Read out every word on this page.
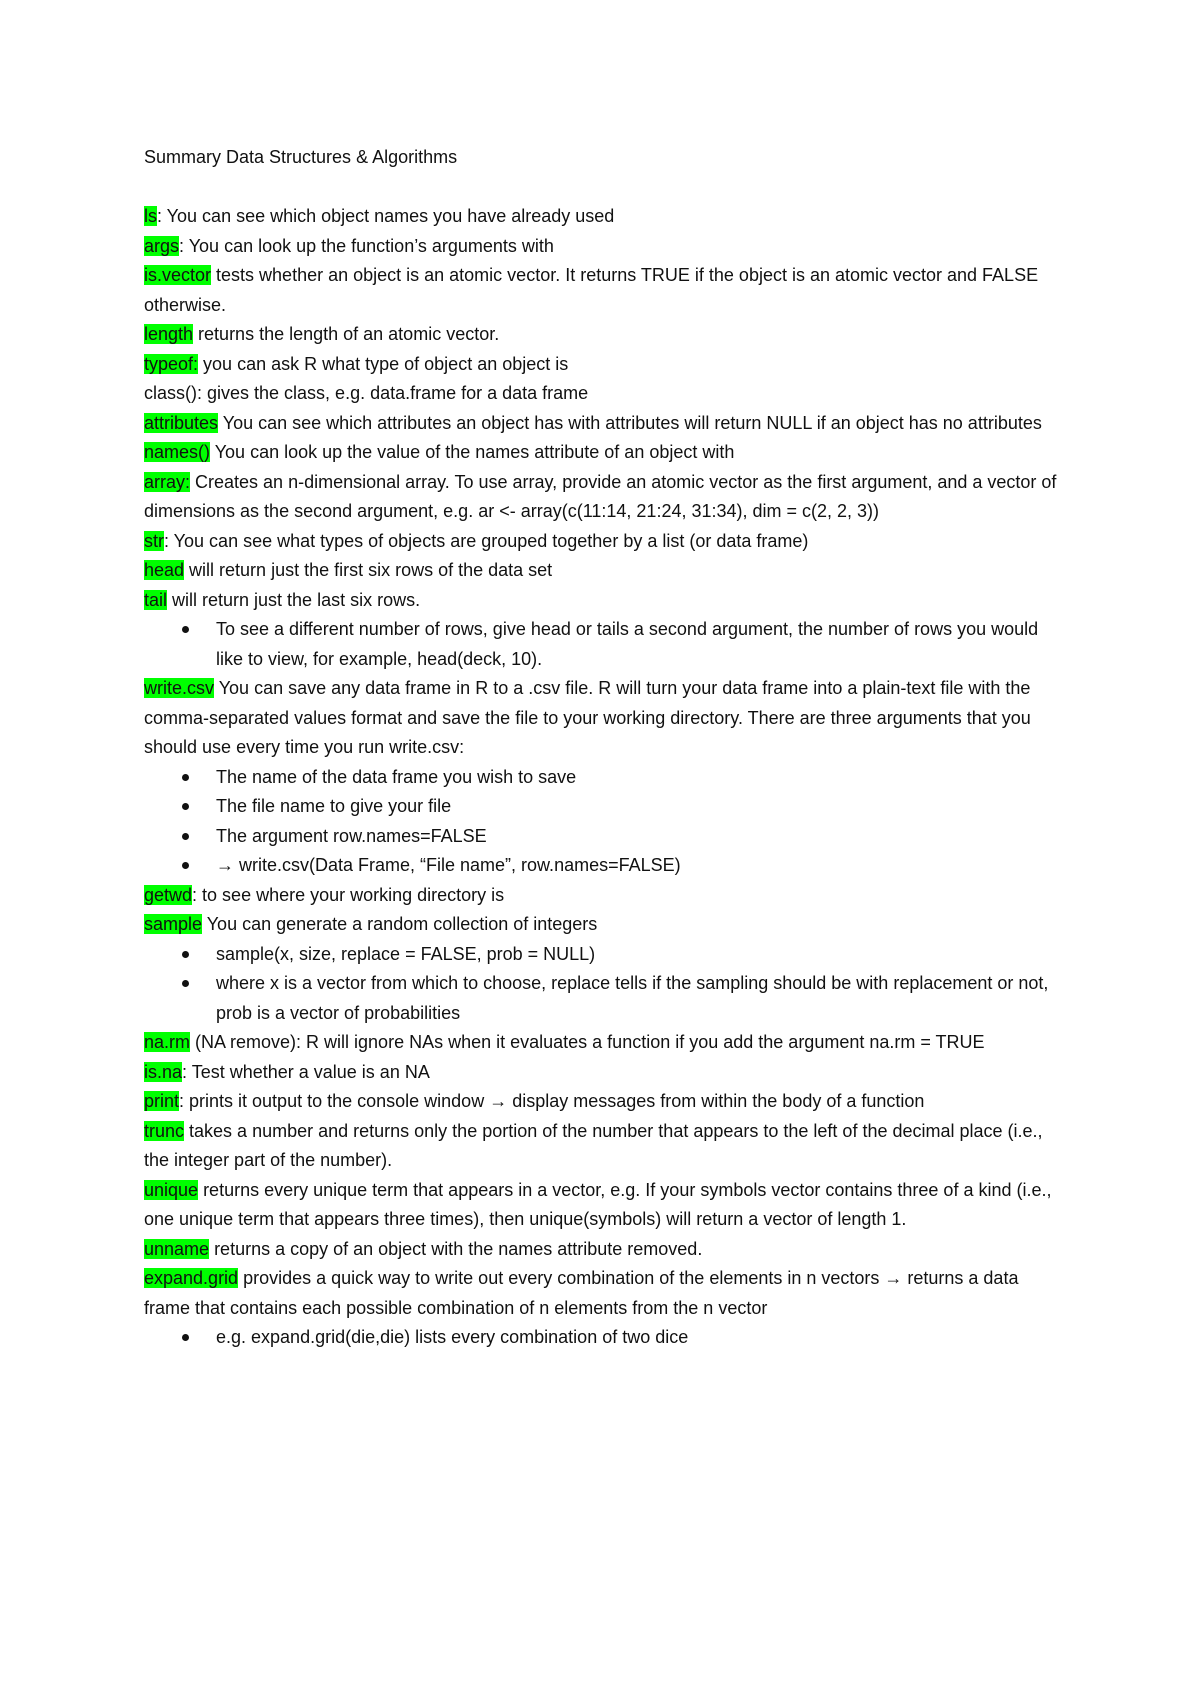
Summary Data Structures & Algorithms

ls: You can see which object names you have already used

args: You can look up the function’s arguments with

is.vector tests whether an object is an atomic vector. It returns TRUE if the object is an atomic vector and FALSE otherwise.

length returns the length of an atomic vector.

typeof: you can ask R what type of object an object is

class(): gives the class, e.g. data.frame for a data frame

attributes You can see which attributes an object has with attributes will return NULL if an object has no attributes

names() You can look up the value of the names attribute of an object with

array: Creates an n-dimensional array. To use array, provide an atomic vector as the first argument, and a vector of dimensions as the second argument, e.g. ar <- array(c(11:14, 21:24, 31:34), dim = c(2, 2, 3))

str: You can see what types of objects are grouped together by a list (or data frame)

head will return just the first six rows of the data set

tail will return just the last six rows.

To see a different number of rows, give head or tails a second argument, the number of rows you would like to view, for example, head(deck, 10).

write.csv You can save any data frame in R to a .csv file. R will turn your data frame into a plain-text file with the comma-separated values format and save the file to your working directory. There are three arguments that you should use every time you run write.csv:

The name of the data frame you wish to save
The file name to give your file
The argument row.names=FALSE
→ write.csv(Data Frame, “File name”, row.names=FALSE)

getwd: to see where your working directory is

sample You can generate a random collection of integers

sample(x, size, replace = FALSE, prob = NULL)
where x is a vector from which to choose, replace tells if the sampling should be with replacement or not, prob is a vector of probabilities

na.rm (NA remove): R will ignore NAs when it evaluates a function if you add the argument na.rm = TRUE

is.na: Test whether a value is an NA

print: prints it output to the console window → display messages from within the body of a function

trunc takes a number and returns only the portion of the number that appears to the left of the decimal place (i.e., the integer part of the number).

unique returns every unique term that appears in a vector, e.g. If your symbols vector contains three of a kind (i.e., one unique term that appears three times), then unique(symbols) will return a vector of length 1.

unname returns a copy of an object with the names attribute removed.

expand.grid provides a quick way to write out every combination of the elements in n vectors → returns a data frame that contains each possible combination of n elements from the n vector

e.g. expand.grid(die,die) lists every combination of two dice
